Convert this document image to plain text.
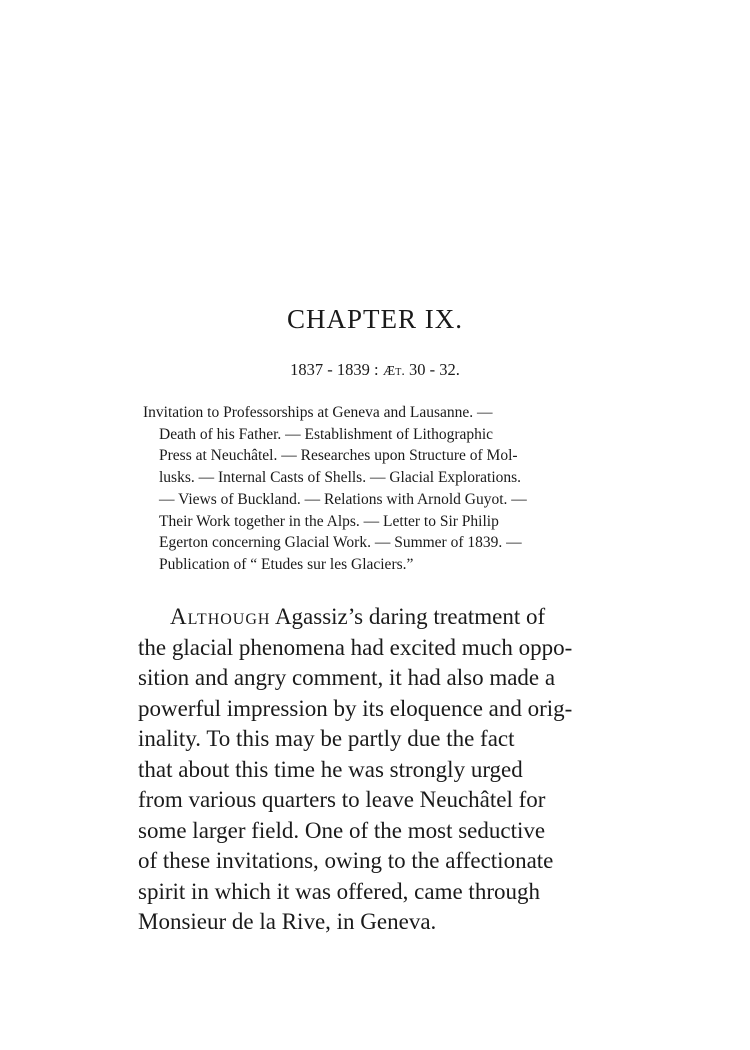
CHAPTER IX.

1837 - 1839 : Æt. 30 - 32.

Invitation to Professorships at Geneva and Lausanne. —
Death of his Father. — Establishment of Lithographic
Press at Neuchâtel. — Researches upon Structure of Mol-
lusks. — Internal Casts of Shells. — Glacial Explorations.
— Views of Buckland. — Relations with Arnold Guyot. —
Their Work together in the Alps. — Letter to Sir Philip
Egerton concerning Glacial Work. — Summer of 1839. —
Publication of “ Etudes sur les Glaciers.”
Although Agassiz’s daring treatment of
the glacial phenomena had excited much oppo-
sition and angry comment, it had also made a
powerful impression by its eloquence and orig-
inality. To this may be partly due the fact
that about this time he was strongly urged
from various quarters to leave Neuchâtel for
some larger field. One of the most seductive
of these invitations, owing to the affectionate
spirit in which it was offered, came through
Monsieur de la Rive, in Geneva.
